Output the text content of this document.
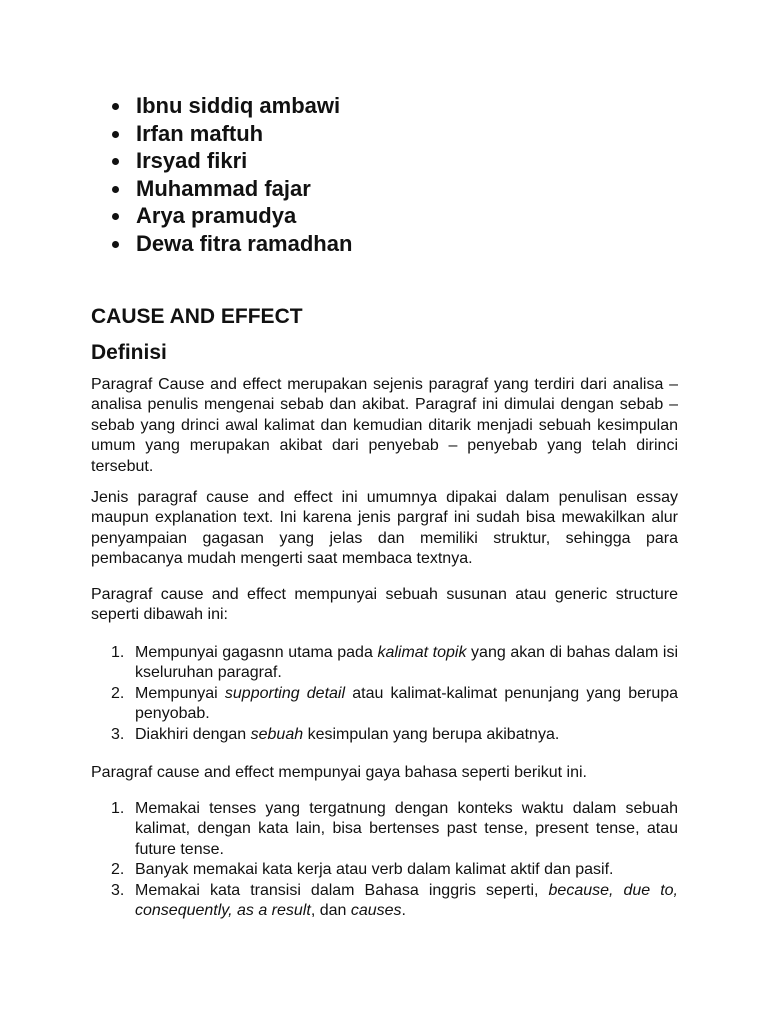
Ibnu siddiq ambawi
Irfan maftuh
Irsyad fikri
Muhammad fajar
Arya pramudya
Dewa fitra ramadhan
CAUSE AND EFFECT
Definisi

Paragraf Cause and effect merupakan sejenis paragraf yang terdiri dari analisa – analisa penulis mengenai sebab dan akibat. Paragraf ini dimulai dengan sebab – sebab yang drinci awal kalimat dan kemudian ditarik menjadi sebuah kesimpulan umum yang merupakan akibat dari penyebab – penyebab yang telah dirinci tersebut.

Jenis paragraf cause and effect ini umumnya dipakai dalam penulisan essay maupun explanation text. Ini karena jenis pargraf ini sudah bisa mewakilkan alur penyampaian gagasan yang jelas dan memiliki struktur, sehingga para pembacanya mudah mengerti saat membaca textnya.

Paragraf cause and effect mempunyai sebuah susunan atau generic structure seperti dibawah ini:

1. Mempunyai gagasnn utama pada kalimat topik yang akan di bahas dalam isi kseluruhan paragraf.
2. Mempunyai supporting detail atau kalimat-kalimat penunjang yang berupa penyobab.
3. Diakhiri dengan sebuah kesimpulan yang berupa akibatnya.

Paragraf cause and effect mempunyai gaya bahasa seperti berikut ini.

1. Memakai tenses yang tergatnung dengan konteks waktu dalam sebuah kalimat, dengan kata lain, bisa bertenses past tense, present tense, atau future tense.
2. Banyak memakai kata kerja atau verb dalam kalimat aktif dan pasif.
3. Memakai kata transisi dalam Bahasa inggris seperti, because, due to, consequently, as a result, dan causes.
